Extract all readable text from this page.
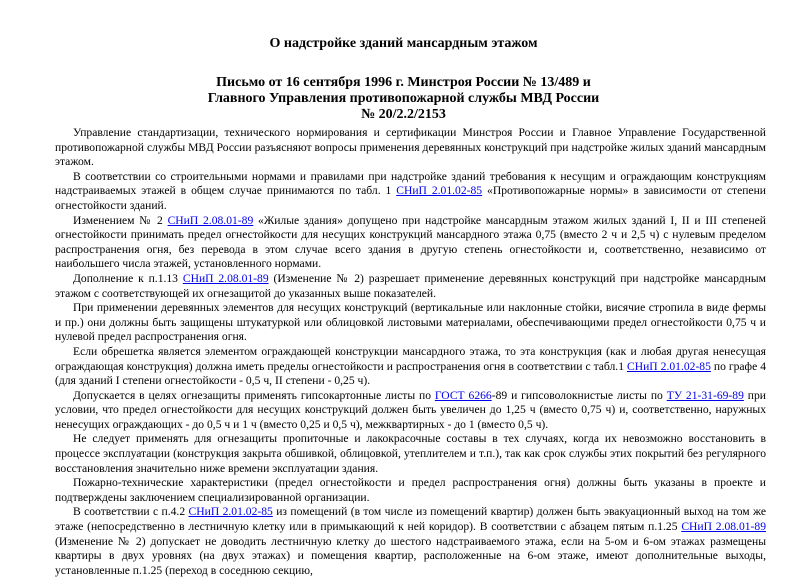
О надстройке зданий мансардным этажом
Письмо от 16 сентября 1996 г. Минстроя России № 13/489 и
Главного Управления противопожарной службы МВД России
№ 20/2.2/2153

Управление стандартизации, технического нормирования и сертификации Минстроя России и Главное Управление Государственной противопожарной службы МВД России разъясняют вопросы применения деревянных конструкций при надстройке жилых зданий мансардным этажом.

В соответствии со строительными нормами и правилами при надстройке зданий требования к несущим и ограждающим конструкциям надстраиваемых этажей в общем случае принимаются по табл. 1 СНиП 2.01.02-85 «Противопожарные нормы» в зависимости от степени огнестойкости зданий.

Изменением № 2 СНиП 2.08.01-89 «Жилые здания» допущено при надстройке мансардным этажом жилых зданий I, II и III степеней огнестойкости принимать предел огнестойкости для несущих конструкций мансардного этажа 0,75 (вместо 2 ч и 2,5 ч) с нулевым пределом распространения огня, без перевода в этом случае всего здания в другую степень огнестойкости и, соответственно, независимо от наибольшего числа этажей, установленного нормами.

Дополнение к п.1.13 СНиП 2.08.01-89 (Изменение № 2) разрешает применение деревянных конструкций при надстройке мансардным этажом с соответствующей их огнезащитой до указанных выше показателей.

При применении деревянных элементов для несущих конструкций (вертикальные или наклонные стойки, висячие стропила в виде фермы и пр.) они должны быть защищены штукатуркой или облицовкой листовыми материалами, обеспечивающими предел огнестойкости 0,75 ч и нулевой предел распространения огня.

Если обрешетка является элементом ограждающей конструкции мансардного этажа, то эта конструкция (как и любая другая ненесущая ограждающая конструкция) должна иметь пределы огнестойкости и распространения огня в соответствии с табл.1 СНиП 2.01.02-85 по графе 4 (для зданий I степени огнестойкости - 0,5 ч, II степени - 0,25 ч).

Допускается в целях огнезащиты применять гипсокартонные листы по ГОСТ 6266-89 и гипсоволокнистые листы по ТУ 21-31-69-89 при условии, что предел огнестойкости для несущих конструкций должен быть увеличен до 1,25 ч (вместо 0,75 ч) и, соответственно, наружных ненесущих ограждающих - до 0,5 ч и 1 ч (вместо 0,25 и 0,5 ч), межквартирных - до 1 (вместо 0,5 ч).

Не следует применять для огнезащиты пропиточные и лакокрасочные составы в тех случаях, когда их невозможно восстановить в процессе эксплуатации (конструкция закрыта обшивкой, облицовкой, утеплителем и т.п.), так как срок службы этих покрытий без регулярного восстановления значительно ниже времени эксплуатации здания.

Пожарно-технические характеристики (предел огнестойкости и предел распространения огня) должны быть указаны в проекте и подтверждены заключением специализированной организации.

В соответствии с п.4.2 СНиП 2.01.02-85 из помещений (в том числе из помещений квартир) должен быть эвакуационный выход на том же этаже (непосредственно в лестничную клетку или в примыкающий к ней коридор). В соответствии с абзацем пятым п.1.25 СНиП 2.08.01-89 (Изменение № 2) допускает не доводить лестничную клетку до шестого надстраиваемого этажа, если на 5-ом и 6-ом этажах размещены квартиры в двух уровнях (на двух этажах) и помещения квартир, расположенные на 6-ом этаже, имеют дополнительные выходы, установленные п.1.25 (переход в соседнюю секцию,
